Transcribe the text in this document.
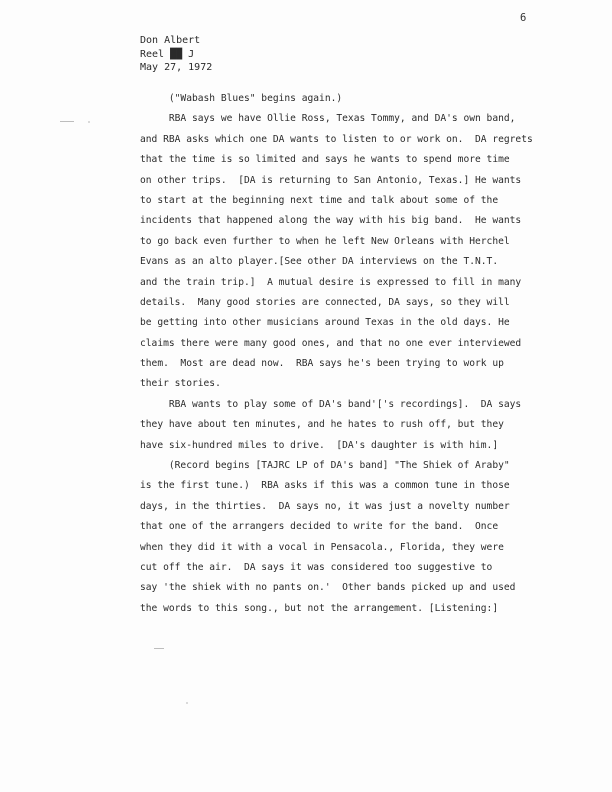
6
Don Albert
Reel ██ J
May 27, 1972
("Wabash Blues" begins again.)
RBA says we have Ollie Ross, Texas Tommy, and DA's own band,
and RBA asks which one DA wants to listen to or work on.  DA regrets
that the time is so limited and says he wants to spend more time
on other trips.  [DA is returning to San Antonio, Texas.] He wants
to start at the beginning next time and talk about some of the
incidents that happened along the way with his big band.  He wants
to go back even further to when he left New Orleans with Herchel
Evans as an alto player.[See other DA interviews on the T.N.T.
and the train trip.]  A mutual desire is expressed to fill in many
details.  Many good stories are connected, DA says, so they will
be getting into other musicians around Texas in the old days. He
claims there were many good ones, and that no one ever interviewed
them.  Most are dead now.  RBA says he's been trying to work up
their stories.
RBA wants to play some of DA's band'['s recordings].  DA says
they have about ten minutes, and he hates to rush off, but they
have six-hundred miles to drive.  [DA's daughter is with him.]
(Record begins [TAJRC LP of DA's band] "The Shiek of Araby"
is the first tune.)  RBA asks if this was a common tune in those
days, in the thirties.  DA says no, it was just a novelty number
that one of the arrangers decided to write for the band.  Once
when they did it with a vocal in Pensacola., Florida, they were
cut off the air.  DA says it was considered too suggestive to
say 'the shiek with no pants on.'  Other bands picked up and used
the words to this song., but not the arrangement. [Listening:]
